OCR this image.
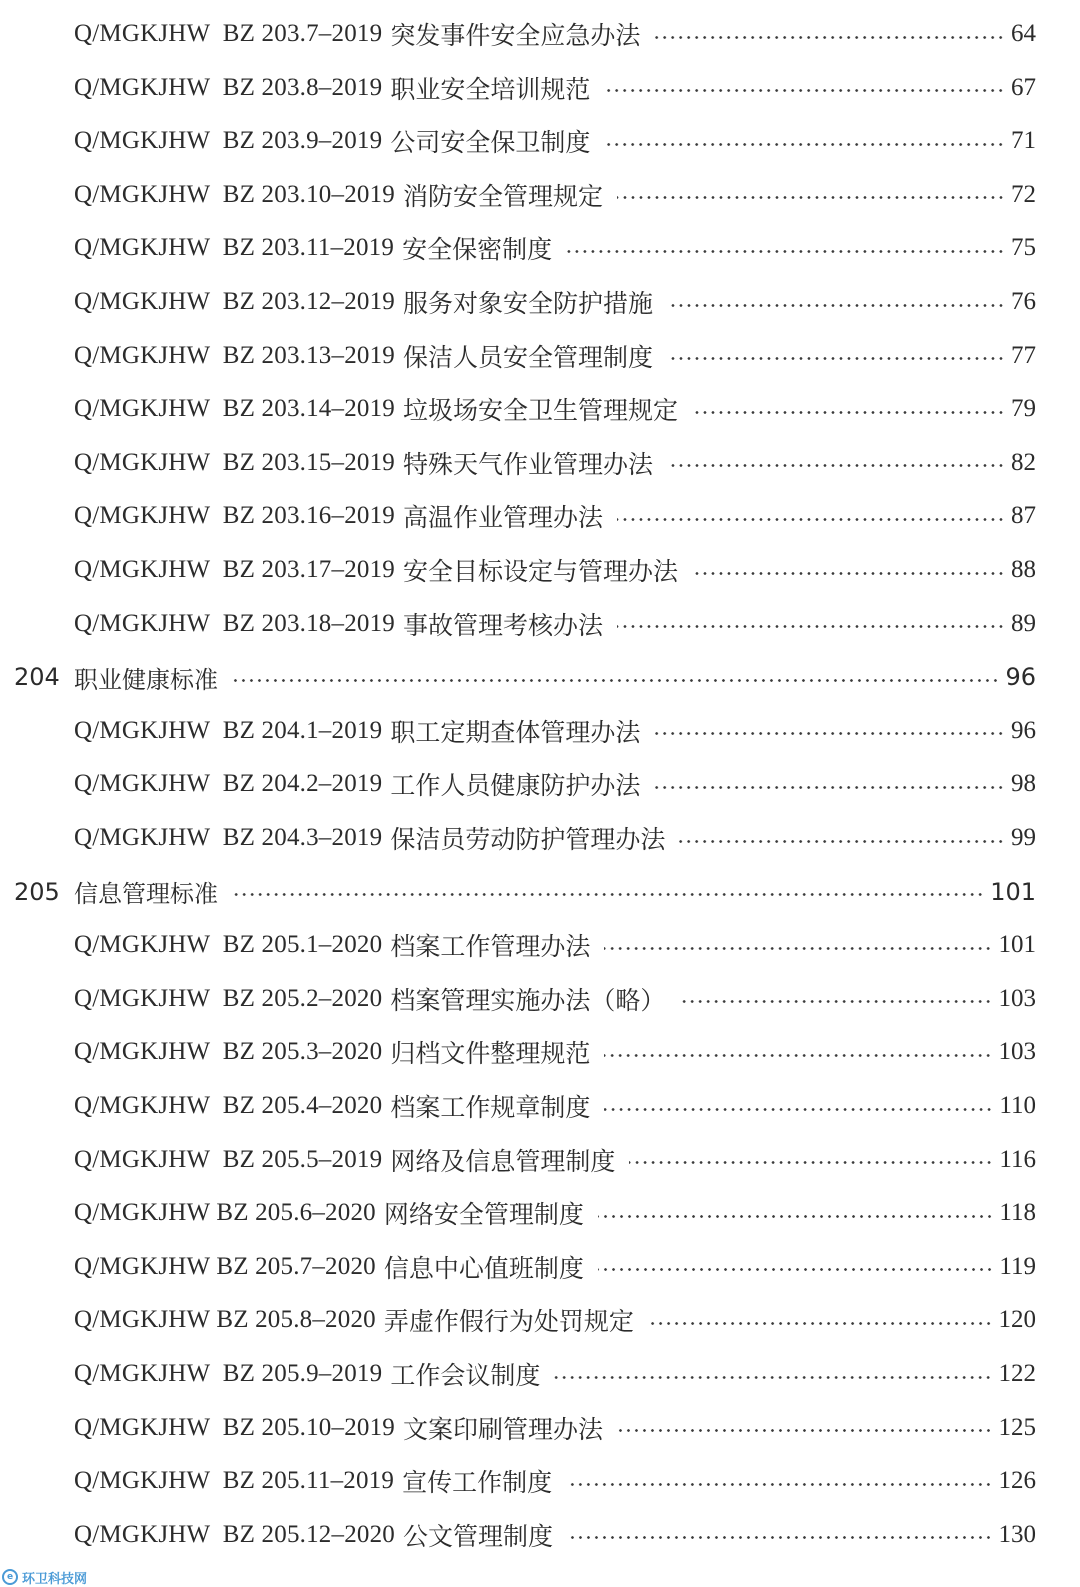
Q/MGKJHW  BZ 203.7–2019 突发事件安全应急办法	64
Q/MGKJHW  BZ 203.8–2019 职业安全培训规范	67
Q/MGKJHW  BZ 203.9–2019 公司安全保卫制度	71
Q/MGKJHW  BZ 203.10–2019 消防安全管理规定	72
Q/MGKJHW  BZ 203.11–2019 安全保密制度	75
Q/MGKJHW  BZ 203.12–2019 服务对象安全防护措施	76
Q/MGKJHW  BZ 203.13–2019 保洁人员安全管理制度	77
Q/MGKJHW  BZ 203.14–2019 垃圾场安全卫生管理规定	79
Q/MGKJHW  BZ 203.15–2019 特殊天气作业管理办法	82
Q/MGKJHW  BZ 203.16–2019 高温作业管理办法	87
Q/MGKJHW  BZ 203.17–2019 安全目标设定与管理办法	88
Q/MGKJHW  BZ 203.18–2019 事故管理考核办法	89
204 职业健康标准	96
Q/MGKJHW  BZ 204.1–2019 职工定期查体管理办法	96
Q/MGKJHW  BZ 204.2–2019 工作人员健康防护办法	98
Q/MGKJHW  BZ 204.3–2019 保洁员劳动防护管理办法	99
205 信息管理标准	101
Q/MGKJHW  BZ 205.1–2020 档案工作管理办法	101
Q/MGKJHW  BZ 205.2–2020 档案管理实施办法（略）	103
Q/MGKJHW  BZ 205.3–2020 归档文件整理规范	103
Q/MGKJHW  BZ 205.4–2020 档案工作规章制度	110
Q/MGKJHW  BZ 205.5–2019 网络及信息管理制度	116
Q/MGKJHW BZ 205.6–2020 网络安全管理制度	118
Q/MGKJHW BZ 205.7–2020 信息中心值班制度	119
Q/MGKJHW BZ 205.8–2020 弄虚作假行为处罚规定	120
Q/MGKJHW  BZ 205.9–2019 工作会议制度	122
Q/MGKJHW  BZ 205.10–2019 文案印刷管理办法	125
Q/MGKJHW  BZ 205.11–2019 宣传工作制度	126
Q/MGKJHW  BZ 205.12–2020 公文管理制度	130
e 环卫科技网
